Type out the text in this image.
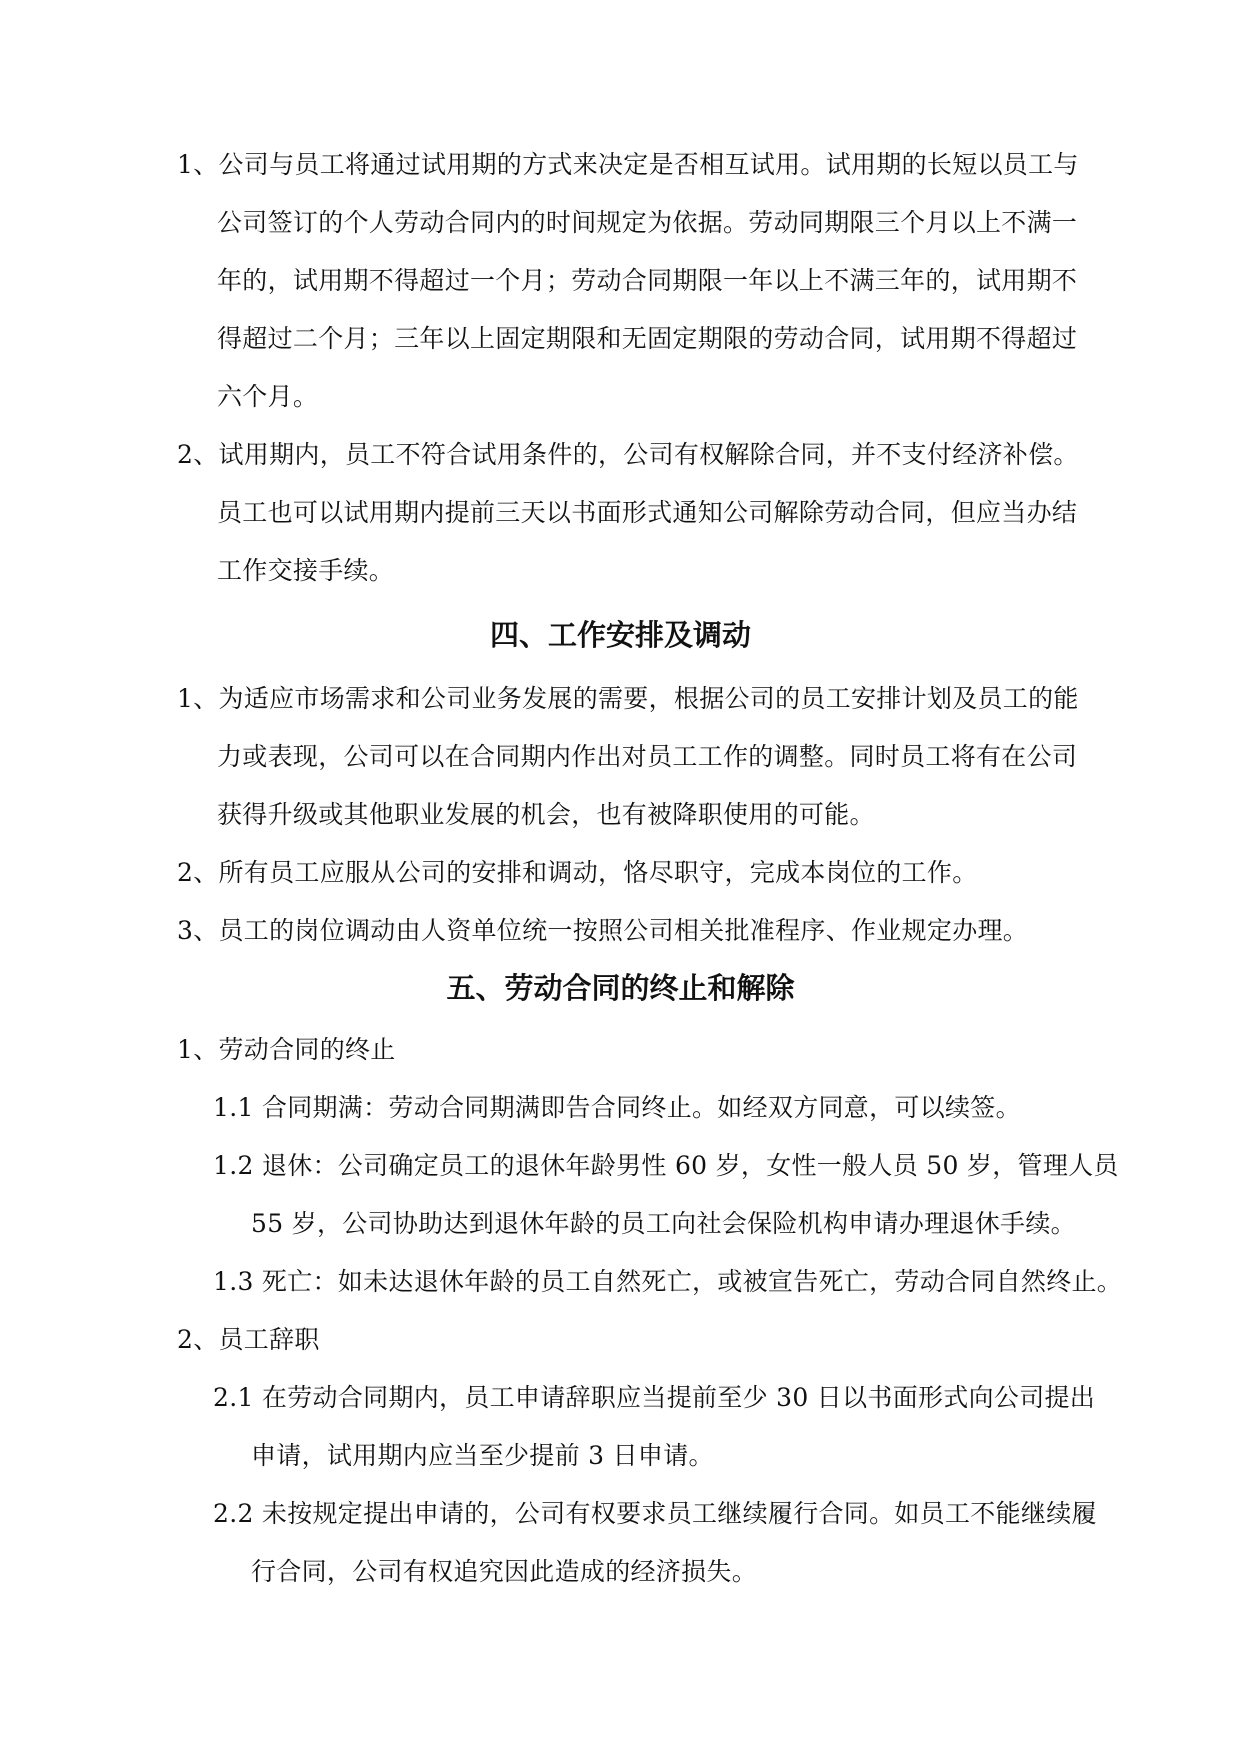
1、公司与员工将通过试用期的方式来决定是否相互试用。试用期的长短以员工与
公司签订的个人劳动合同内的时间规定为依据。劳动同期限三个月以上不满一
年的，试用期不得超过一个月；劳动合同期限一年以上不满三年的，试用期不
得超过二个月；三年以上固定期限和无固定期限的劳动合同，试用期不得超过
六个月。
2、试用期内，员工不符合试用条件的，公司有权解除合同，并不支付经济补偿。
员工也可以试用期内提前三天以书面形式通知公司解除劳动合同，但应当办结
工作交接手续。
四、工作安排及调动
1、为适应市场需求和公司业务发展的需要，根据公司的员工安排计划及员工的能
力或表现，公司可以在合同期内作出对员工工作的调整。同时员工将有在公司
获得升级或其他职业发展的机会，也有被降职使用的可能。
2、所有员工应服从公司的安排和调动，恪尽职守，完成本岗位的工作。
3、员工的岗位调动由人资单位统一按照公司相关批准程序、作业规定办理。
五、劳动合同的终止和解除
1、劳动合同的终止
1.1 合同期满：劳动合同期满即告合同终止。如经双方同意，可以续签。
1.2 退休：公司确定员工的退休年龄男性 60 岁，女性一般人员 50 岁，管理人员
55 岁，公司协助达到退休年龄的员工向社会保险机构申请办理退休手续。
1.3 死亡：如未达退休年龄的员工自然死亡，或被宣告死亡，劳动合同自然终止。
2、员工辞职
2.1 在劳动合同期内，员工申请辞职应当提前至少 30 日以书面形式向公司提出
申请，试用期内应当至少提前 3 日申请。
2.2 未按规定提出申请的，公司有权要求员工继续履行合同。如员工不能继续履
行合同，公司有权追究因此造成的经济损失。
